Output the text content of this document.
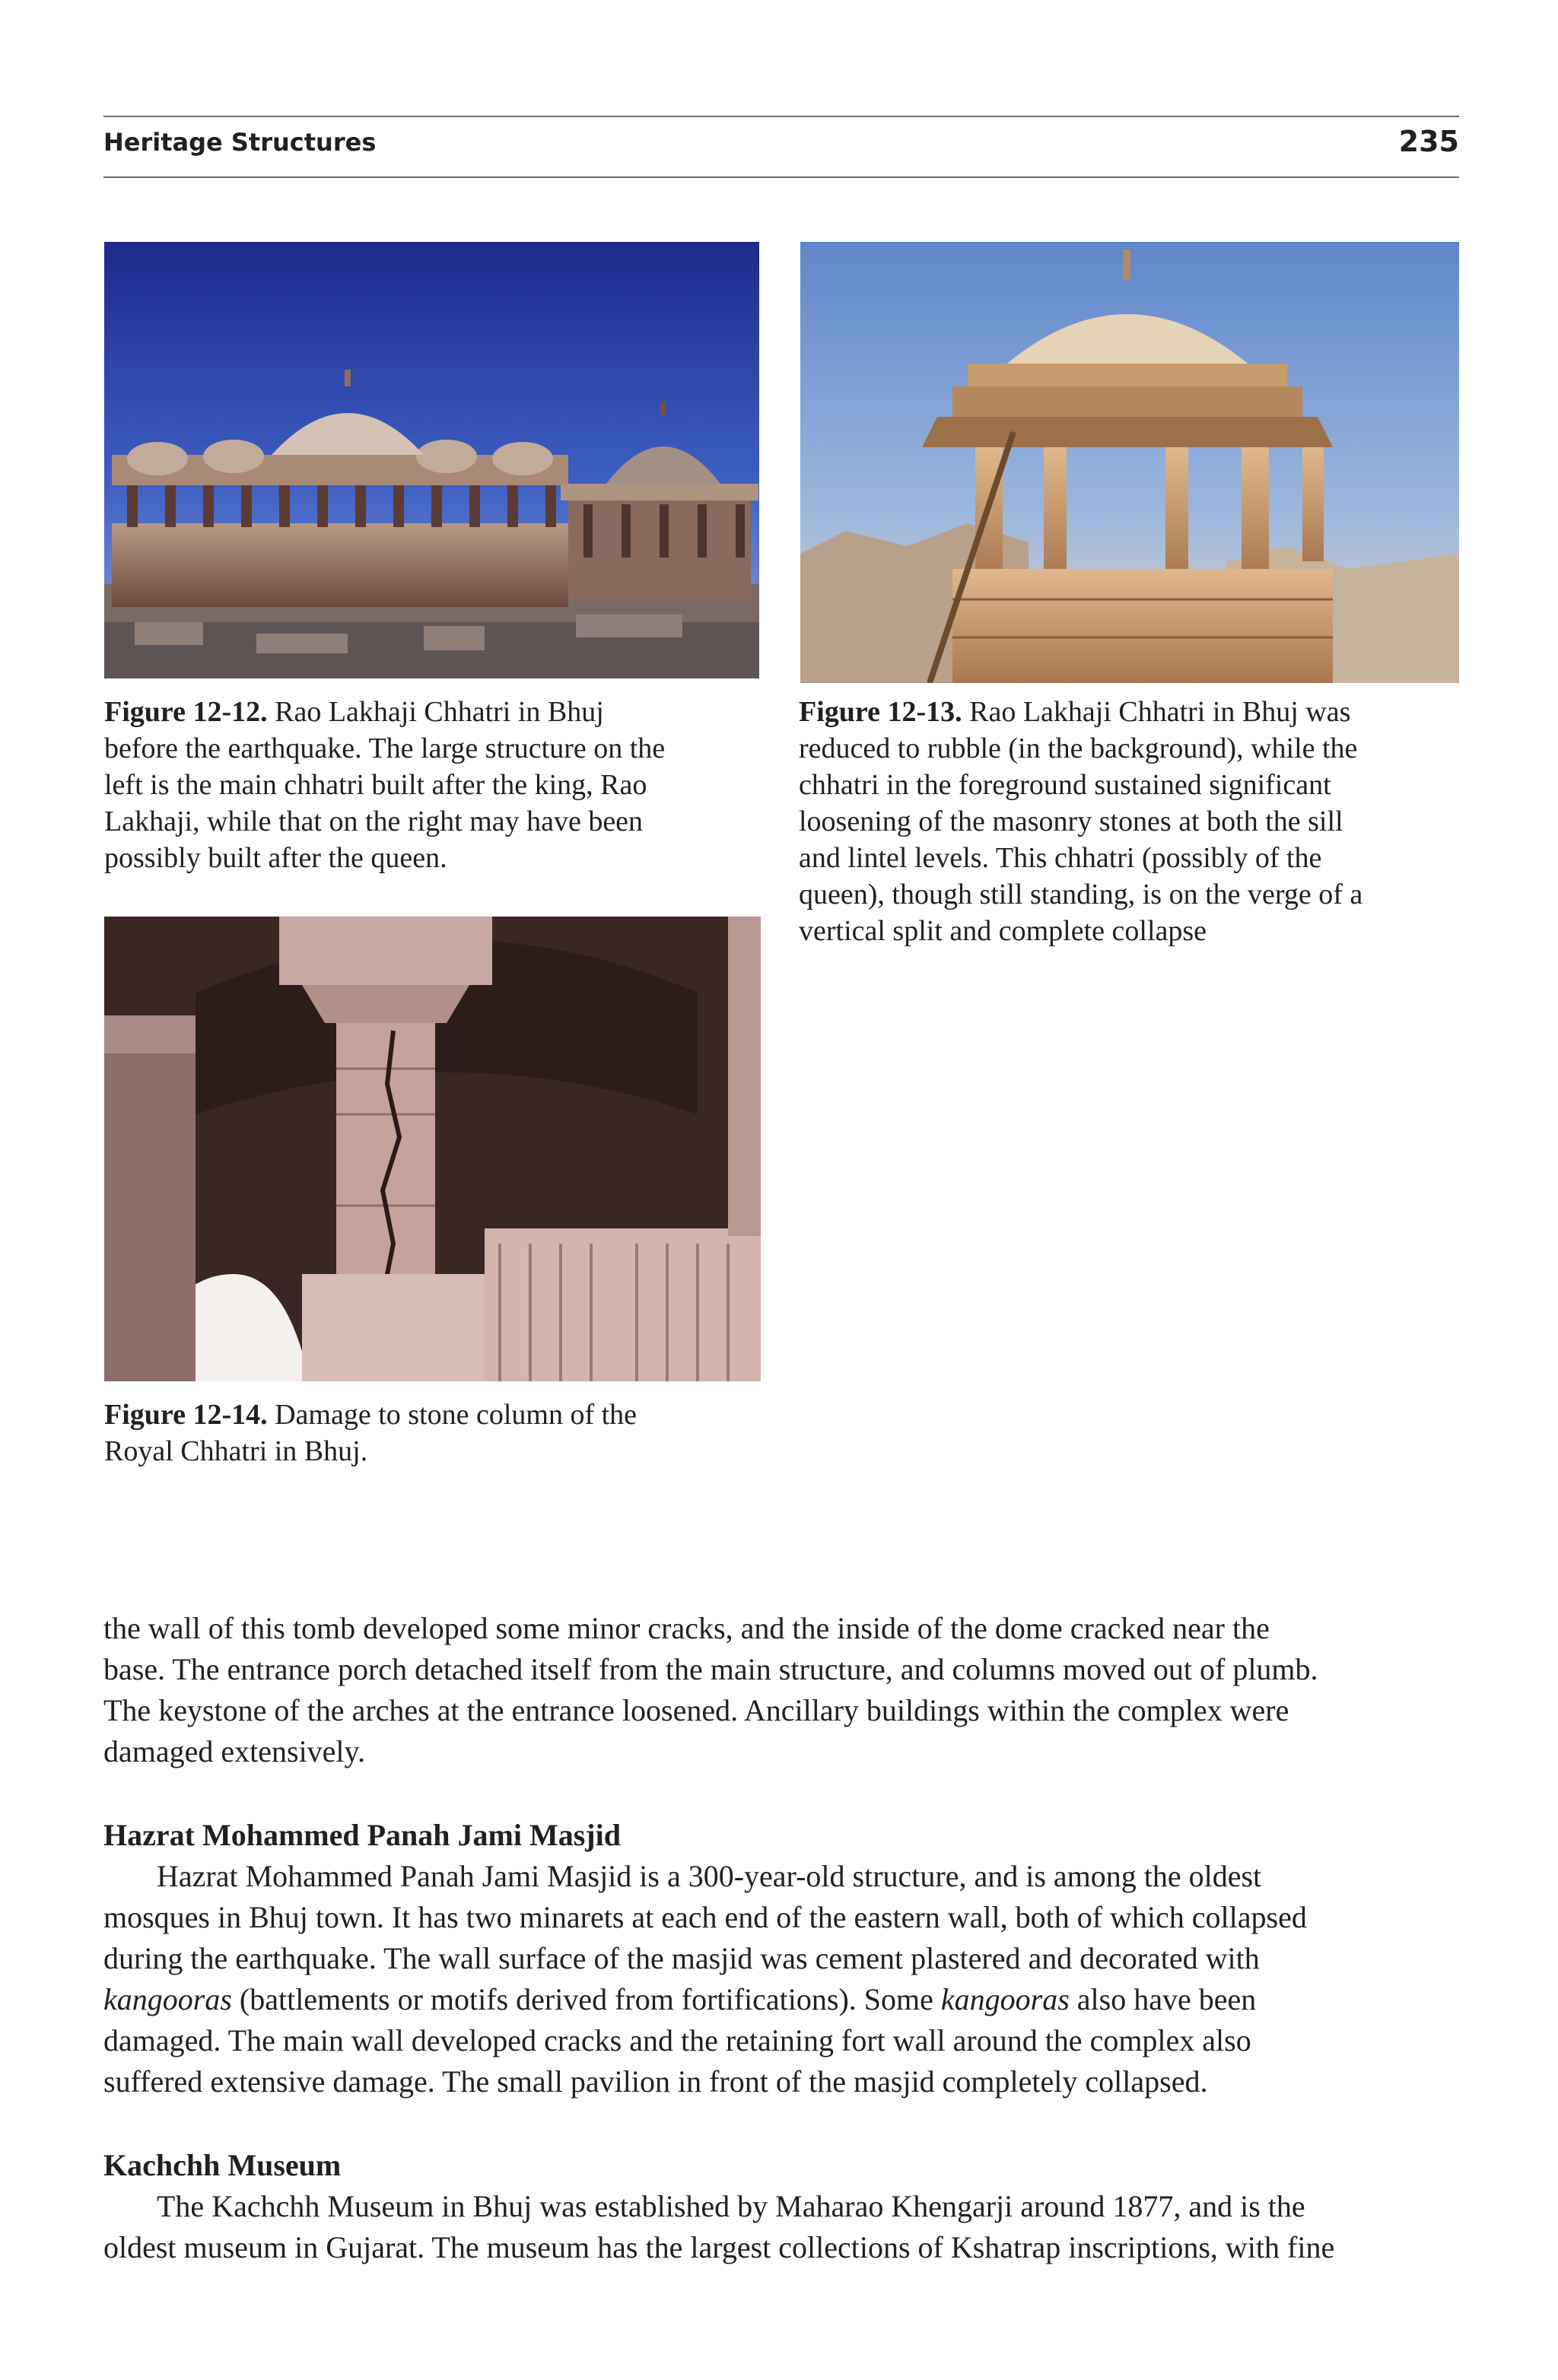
Heritage Structures	235
Figure 12-12. Rao Lakhaji Chhatri in Bhuj
before the earthquake. The large structure on the
left is the main chhatri built after the king, Rao
Lakhaji, while that on the right may have been
possibly built after the queen.
Figure 12-13. Rao Lakhaji Chhatri in Bhuj was
reduced to rubble (in the background), while the
chhatri in the foreground sustained significant
loosening of the masonry stones at both the sill
and lintel levels. This chhatri (possibly of the
queen), though still standing, is on the verge of a
vertical split and complete collapse
Figure 12-14. Damage to stone column of the
Royal Chhatri in Bhuj.
the wall of this tomb developed some minor cracks, and the inside of the dome cracked near the
base. The entrance porch detached itself from the main structure, and columns moved out of plumb.
The keystone of the arches at the entrance loosened. Ancillary buildings within the complex were
damaged extensively.
Hazrat Mohammed Panah Jami Masjid
Hazrat Mohammed Panah Jami Masjid is a 300-year-old structure, and is among the oldest
mosques in Bhuj town. It has two minarets at each end of the eastern wall, both of which collapsed
during the earthquake. The wall surface of the masjid was cement plastered and decorated with
kangooras (battlements or motifs derived from fortifications). Some kangooras also have been
damaged. The main wall developed cracks and the retaining fort wall around the complex also
suffered extensive damage. The small pavilion in front of the masjid completely collapsed.
Kachchh Museum
The Kachchh Museum in Bhuj was established by Maharao Khengarji around 1877, and is the
oldest museum in Gujarat. The museum has the largest collections of Kshatrap inscriptions, with fine
